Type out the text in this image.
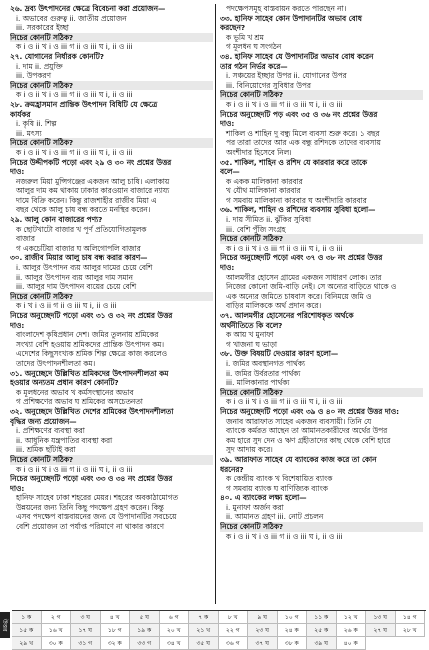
২৬. দ্রব্য উৎপাদনের ক্ষেত্রে বিবেচনা করা প্রয়োজন—
i. অভাবের গুরুত্ব ii. জাতীয় প্রয়োজন
iii. সরকারের ইচ্ছা
নিচের কোনটি সঠিক?
ক i ও ii খ i ও iii গ ii ও iii ঘ i, ii ও iii
২৭. যোগানের নির্ধারক কোনটি?
i. দাম ii. প্রযুক্তি
iii. উপকরণ
নিচের কোনটি সঠিক?
ক i ও ii খ i ও iii গ ii ও iii ঘ i, ii ও iii
২৮. ক্রমহ্রাসমান প্রান্তিক উৎপাদন বিধিটি যে ক্ষেত্রে
কার্যকর
i. কৃষি ii. শিল্প
iii. মৎস্য
নিচের কোনটি সঠিক?
ক i ও ii খ i ও iii গ ii ও iii ঘ i, ii ও iii
নিচের উদ্দীপকটি পড়ো এবং ২৯ ও ৩০ নং প্রশ্নের উত্তর
দাও:
নজরুল মিয়া মুন্সিগঞ্জের একজন আলু চাষি। এলাকায়
আলুর দাম কম থাকায় ঢাকার কারওয়ান বাজারে ন্যায্য
দামে বিক্রি করেন। কিন্তু রাজশাহীর রাজীব মিয়া এ
বছর থেকে আলু চাষ বন্ধ করতে মনস্থির করেন।
২৯. আলু কোন বাজারের পণ্য?
ক ছোটখাটো বাজার খ পূর্ণ প্রতিযোগিতামূলক
বাজার
গ একচেটিয়া বাজার ঘ অলিগোপলি বাজার
৩০. রাজীব মিয়ার আলু চাষ বন্ধ করার কারণ—
i. আলুর উৎপাদন ব্যয় আলুর দামের চেয়ে বেশি
ii. আলুর উৎপাদন ব্যয় আলুর দাম সমান
iii. আলুর দাম উৎপাদন ব্যয়ের চেয়ে বেশি
নিচের কোনটি সঠিক?
ক i খ i ও ii গ ii ও iii ঘ i, ii ও iii
নিচের অনুচ্ছেদটি পড়ো এবং ৩১ ও ৩২ নং প্রশ্নের উত্তর
দাও:
বাংলাদেশ কৃষিপ্রধান দেশ। জমির তুলনায় শ্রমিকের
সংখ্যা বেশি হওয়ায় শ্রমিকদের প্রান্তিক উৎপাদন কম।
এদেশের কিছুসংখ্যক শ্রমিক শিল্প ক্ষেত্রে কাজ করলেও
তাদের উৎপাদনশীলতা কম।
৩১. অনুচ্ছেদে উল্লিখিত শ্রমিকদের উৎপাদনশীলতা কম
হওয়ার অন্যতম প্রধান কারণ কোনটি?
ক মূলধনের অভাব খ কর্মসংস্থানের অভাব
গ প্রশিক্ষণের অভাব ঘ শ্রমিকের অসচেতনতা
৩২. অনুচ্ছেদে উল্লিখিত দেশের শ্রমিকের উৎপাদনশীলতা
বৃদ্ধির জন্য প্রয়োজন—
i. প্রশিক্ষণের ব্যবস্থা করা
ii. আধুনিক যন্ত্রপাতির ব্যবস্থা করা
iii. শ্রমিক ছাঁটাই করা
নিচের কোনটি সঠিক?
ক i ও ii খ i ও iii গ ii ও iii ঘ i, ii ও iii
নিচের অনুচ্ছেদটি পড়ো এবং ৩৩ ও ৩৪ নং প্রশ্নের উত্তর
দাও:
হানিফ সাহেব ঢাকা শহরের মেয়র। শহরের অবকাঠামোগত
উন্নয়নের জন্য তিনি কিছু পদক্ষেপ গ্রহণ করেন। কিন্তু
এসব পদক্ষেপ বাস্তবায়নের জন্য যে উপাদানটির সবচেয়ে
বেশি প্রয়োজন তা পর্যাপ্ত পরিমাণে না থাকার কারণে
পদক্ষেপসমূহ বাস্তবায়ন করতে পারছেন না।
৩৩. হানিফ সাহেব কোন উপাদানটির অভাব বোধ
করছেন?
ক ভূমি খ শ্রম
গ মূলধন ঘ সংগঠন
৩৪. হানিফ সাহেব যে উপাদানটির অভাব বোধ করেন
তার গঠন নির্ভর করে—
i. সঞ্চয়ের ইচ্ছার উপর ii. যোগানের উপর
iii. বিনিয়োগের সুবিধার উপর
নিচের কোনটি সঠিক?
ক i ও ii খ i ও iii গ ii ও iii ঘ i, ii ও iii
নিচের অনুচ্ছেদটি পড় এবং ৩৫ ও ৩৬ নং প্রশ্নের উত্তর
দাও:
শাকিল ও শাহিন দু বন্ধু মিলে ব্যবসা শুরু করে। ১ বছর
পর তারা তাদের আর এক বন্ধু রশিদকে তাদের ব্যবসায়
অংশীদার হিসেবে নিল।
৩৫. শাকিল, শাহিন ও রশিদ যে কারবার করে তাকে
বলে—
ক একক মালিকানা কারবার
খ যৌথ মালিকানা কারবার
গ সমবায় মালিকানা কারবার ঘ অংশীদারি কারবার
৩৬. শাকিল, শাহিন ও রশিদের ব্যবসায় সুবিধা হলো—
i. দায় সীমিত ii. ঝুঁকির সুবিধা
iii. বেশি পুঁজি সংগ্রহ
নিচের কোনটি সঠিক?
ক i ও ii খ i ও iii গ ii ও iii ঘ i, ii ও iii
নিচের অনুচ্ছেদটি পড়ো এবং ৩৭ ও ৩৮ নং প্রশ্নের উত্তর
দাও:
আলমগীর হোসেন গ্রামের একজন সাধারণ লোক। তার
নিজের কোনো জমি-বাড়ি নেই। সে অন্যের বাড়িতে থাকে ও
এক অন্যের জমিতে চাষবাস করে। বিনিময়ে জমি ও
বাড়ির মালিককে অর্থ প্রদান করে।
৩৭. আলমগীর হোসেনের পরিশোধকৃত অর্থকে
অর্থনীতিতে কি বলে?
ক আয় খ মুনাফা
গ খাজনা ঘ ভাড়া
৩৮. উক্ত বিষয়টি দেওয়ার কারণ হলো—
i. জমির অবস্থানগত পার্থক্য
ii. জমির উর্বরতার পার্থক্য
iii. মালিকানার পার্থক্য
নিচের কোনটি সঠিক?
ক i ও ii খ i ও iii গ ii ও iii ঘ i, ii ও iii
নিচের অনুচ্ছেদটি পড়ো এবং ৩৯ ও ৪০ নং প্রশ্নের উত্তর দাও:
জনাব আরাফাত সাহেব একজন ব্যবসায়ী। তিনি যে
ব্যাংকে কর্মরত আছেন তা আমানতকারীদের অর্থের উপর
কম হারে সুদ দেন ও ঋণ গ্রহীতাদের কাছ থেকে বেশি হারে
সুদ আদায় করে।
৩৯. আরাফাত সাহেব যে ব্যাংকের কাজ করে তা কোন
ধরনের?
ক কেন্দ্রীয় ব্যাংক খ বিশেষায়িত ব্যাংক
গ সমবায় ব্যাংক ঘ বাণিজ্যিক ব্যাংক
৪০. এ ব্যাংকের লক্ষ্য হলো—
i. মুনাফা অর্জন করা
ii. আমানত গ্রহণ iii. নোট প্রচলন
নিচের কোনটি সঠিক?
ক i ও ii খ i ও iii গ ii ও iii ঘ i, ii ও iii
উত্তর
১ ক	২ গ	৩ ঘ	৪ খ	৫ ঘ	৬ গ	৭ ক	৮ খ	৯ ঘ	১০ গ	১১ ক	১২ খ	১৩ ঘ	১৪ গ
১৫ ক	১৬ খ	১৭ ঘ	১৮ গ	১৯ ক	২০ খ	২১ খ	২২ গ	২৩ ঘ	২৪ ক	২৫ ক	২৬ ক	২৭ ঘ	২৮ খ
২৯ খ	৩০ ক	৩১ গ	৩২ ক	৩৩ গ	৩৪ খ	৩৫ ঘ	৩৬ গ	৩৭ ঘ	৩৮ ক	৩৯ ঘ	৪০ ক
